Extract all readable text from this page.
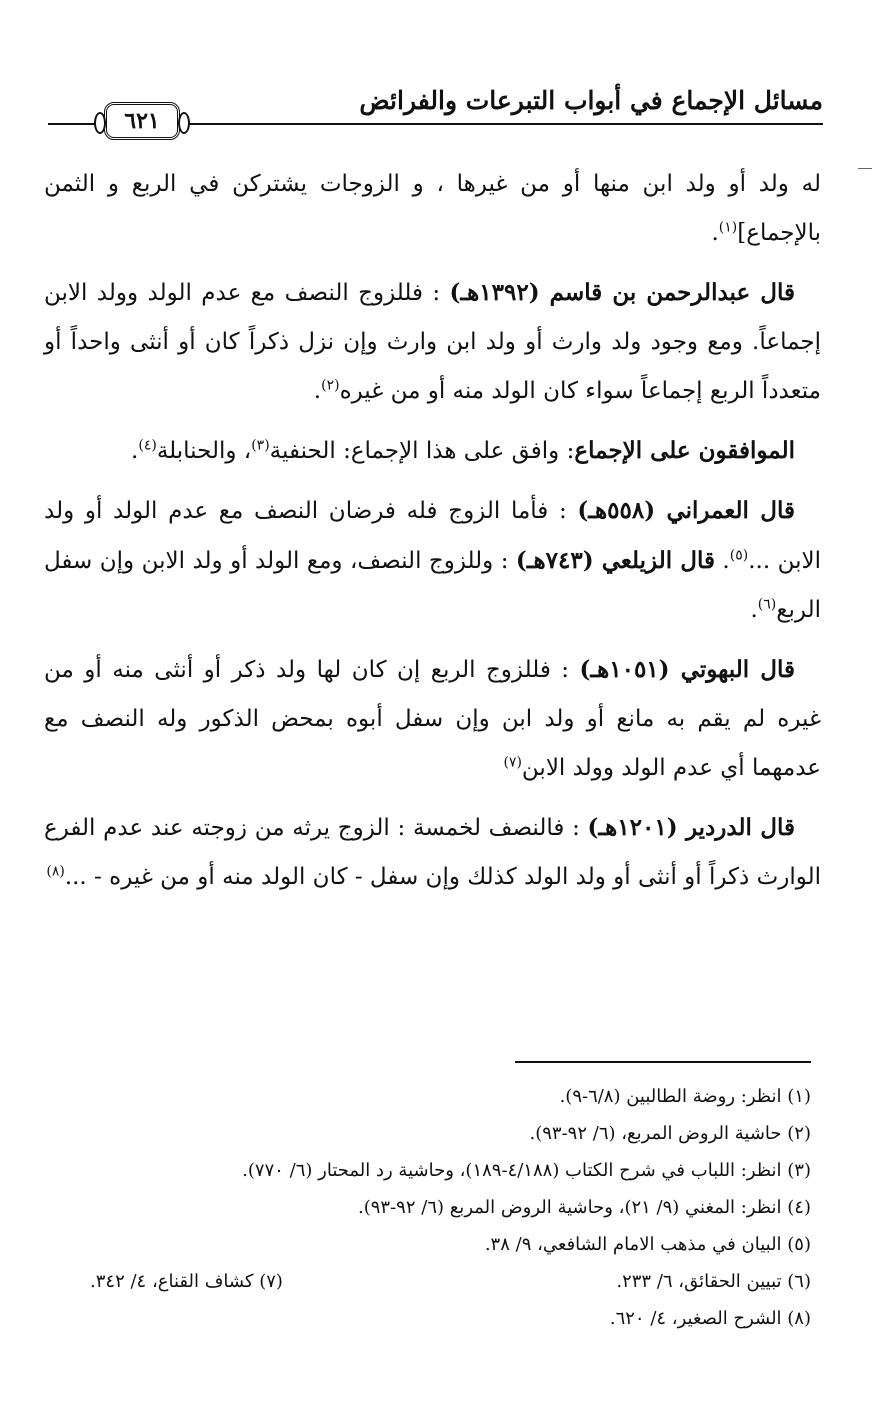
مسائل الإجماع في أبواب التبرعات والفرائض
٦٢١

له ولد أو ولد ابن منها أو من غيرها ، و الزوجات يشتركن في الربع و الثمن بالإجماع]$^{(١)}$.

قال عبدالرحمن بن قاسم (١٣٩٢هـ) : فللزوج النصف مع عدم الولد وولد الابن إجماعاً. ومع وجود ولد وارث أو ولد ابن وارث وإن نزل ذكراً كان أو أنثى واحداً أو متعدداً الربع إجماعاً سواء كان الولد منه أو من غيره$^{(٢)}$.

الموافقون على الإجماع: وافق على هذا الإجماع: الحنفية$^{(٣)}$، والحنابلة$^{(٤)}$.

قال العمراني (٥٥٨هـ) : فأما الزوج فله فرضان النصف مع عدم الولد أو ولد الابن ...$^{(٥)}$. قال الزيلعي (٧٤٣هـ) : وللزوج النصف، ومع الولد أو ولد الابن وإن سفل الربع$^{(٦)}$.

قال البهوتي (١٠٥١هـ) : فللزوج الربع إن كان لها ولد ذكر أو أنثى منه أو من غيره لم يقم به مانع أو ولد ابن وإن سفل أبوه بمحض الذكور وله النصف مع عدمهما أي عدم الولد وولد الابن$^{(٧)}$

قال الدردير (١٢٠١هـ) : فالنصف لخمسة : الزوج يرثه من زوجته عند عدم الفرع الوارث ذكراً أو أنثى أو ولد الولد كذلك وإن سفل - كان الولد منه أو من غيره - ...$^{(٨)}$

(١) انظر: روضة الطالبين (٦/٨-٩).
(٢) حاشية الروض المربع، (٦/ ٩٢-٩٣).
(٣) انظر: اللباب في شرح الكتاب (٤/١٨٨-١٨٩)، وحاشية رد المحتار (٦/ ٧٧٠).
(٤) انظر: المغني (٩/ ٢١)، وحاشية الروض المربع (٦/ ٩٢-٩٣).
(٥) البيان في مذهب الامام الشافعي، ٩/ ٣٨.
(٦) تبيين الحقائق، ٦/ ٢٣٣.
(٧) كشاف القناع، ٤/ ٣٤٢.
(٨) الشرح الصغير، ٤/ ٦٢٠.
